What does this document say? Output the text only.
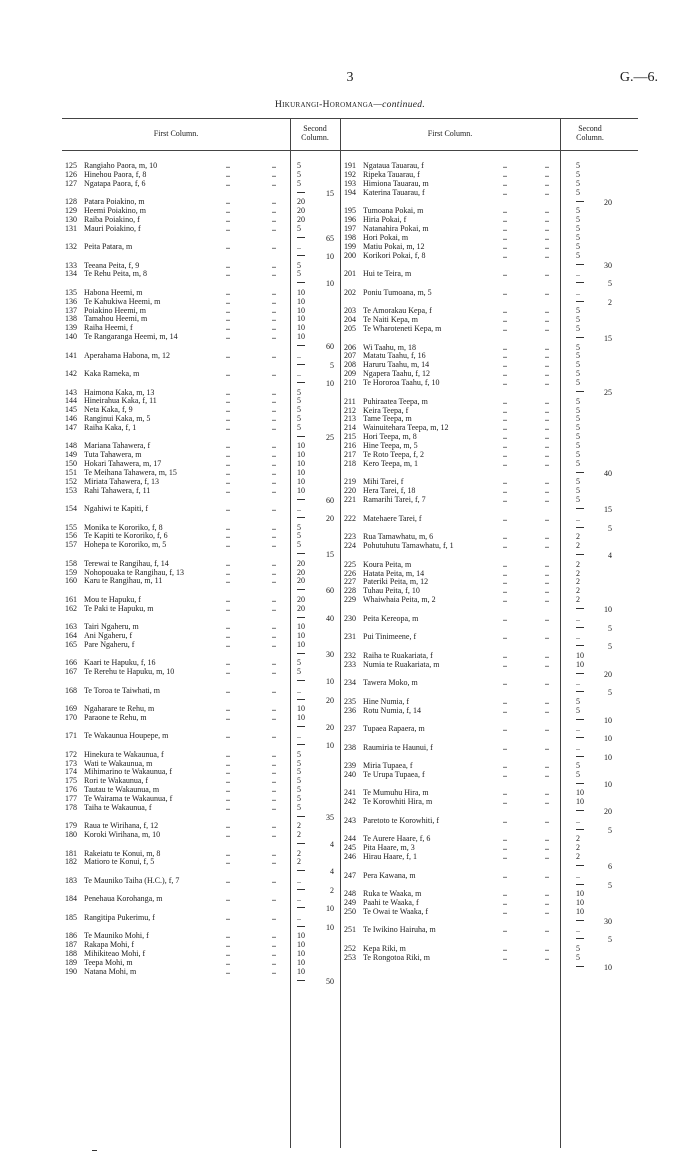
3	G.—6.
Hikurangi-Horomanga—continued.
First Column.
Second
Column.	First Column.
Second
Column.
125 Rangiaho Paora, m, 10	..	..	5
126 Hinehou Paora, f, 8	..	..	5
127 Ngatapa Paora, f, 6	..	..	5
15
128 Patara Poiakino, m	..	..	20
129 Heemi Poiakino, m	..	..	20
130 Raiba Poiakino, f	..	..	20
131 Mauri Poiakino, f	..	..	5
65
132 Peita Patara, m	..	..	..
10
133 Teeana Peita, f, 9	..	..	5
134 Te Rehu Peita, m, 8	..	..	5
10
135 Habona Heemi, m	..	..	10
136 Te Kahukiwa Heemi, m	..	..	10
137 Poiakino Heemi, m	..	..	10
138 Tamahou Heemi, m	..	..	10
139 Raiha Heemi, f	..	..	10
140 Te Rangaranga Heemi, m, 14	..	..	10
60
141 Aperahama Habona, m, 12	..	..	..
5
142 Kaka Rameka, m	..	..	..
10
143 Haimona Kaka, m, 13	..	..	5
144 Hineirahua Kaka, f, 11	..	..	5
145 Neta Kaka, f, 9	..	..	5
146 Ranginui Kaka, m, 5	..	..	5
147 Raiha Kaka, f, 1	..	..	5
25
148 Mariana Tahawera, f	..	..	10
149 Tuta Tahawera, m	..	..	10
150 Hokari Tahawera, m, 17	..	..	10
151 Te Meihana Tahawera, m, 15	..	..	10
152 Miriata Tahawera, f, 13	..	..	10
153 Rahi Tahawera, f, 11	..	..	10
60
154 Ngahiwi te Kapiti, f	..	..	..
20
155 Monika te Kororiko, f, 8	..	..	5
156 Te Kapiti te Kororiko, f, 6	..	..	5
157 Hohepa te Kororiko, m, 5	..	..	5
15
158 Terewai te Rangihau, f, 14	..	..	20
159 Nohopouaka te Rangihau, f, 13	..	..	20
160 Karu te Rangihau, m, 11	..	..	20
60
161 Mou te Hapuku, f	..	..	20
162 Te Paki te Hapuku, m	..	..	20
40
163 Tairi Ngaheru, m	..	..	10
164 Ani Ngaheru, f	..	..	10
165 Pare Ngaheru, f	..	..	10
30
166 Kaari te Hapuku, f, 16	..	..	5
167 Te Rerehu te Hapuku, m, 10	..	..	5
10
168 Te Toroa te Taiwhati, m	..	..	..
20
169 Ngaharare te Rehu, m	..	..	10
170 Paraone te Rehu, m	..	..	10
20
171 Te Wakaunua Houpepe, m	..	..	..
10
172 Hinekura te Wakaunua, f	..	..	5
173 Wati te Wakaunua, m	..	..	5
174 Mihimarino te Wakaunua, f	..	..	5
175 Rori te Wakaunua, f	..	..	5
176 Tautau te Wakaunua, m	..	..	5
177 Te Wairama te Wakaunua, f	..	..	5
178 Taiha te Wakaunua, f	..	..	5
35
179 Raua te Wirihana, f, 12	..	..	2
180 Koroki Wirihana, m, 10	..	..	2
4
181 Rakeiatu te Konui, m, 8	..	..	2
182 Matioro te Konui, f, 5	..	..	2
4
183 Te Mauniko Taiha (H.C.), f, 7	..	..	..
2
184 Penehaua Korohanga, m	..	..	..
10
185 Rangitipa Pukerimu, f	..	..	..
10
186 Te Mauniko Mohi, f	..	..	10
187 Rakapa Mohi, f	..	..	10
188 Mihikiteao Mohi, f	..	..	10
189 Teepa Mohi, m	..	..	10
190 Natana Mohi, m	..	..	10
50
191 Ngataua Tauarau, f	..	..	5
192 Ripeka Tauarau, f	..	..	5
193 Himiona Tauarau, m	..	..	5
194 Katerina Tauarau, f	..	..	5
20
195 Tumoana Pokai, m	..	..	5
196 Hiria Pokai, f	..	..	5
197 Natanahira Pokai, m	..	..	5
198 Hori Pokai, m	..	..	5
199 Matiu Pokai, m, 12	..	..	5
200 Korikori Pokai, f, 8	..	..	5
30
201 Hui te Teira, m	..	..	..
5
202 Poniu Tumoana, m, 5	..	..	..
2
203 Te Amorakau Kepa, f	..	..	5
204 Te Naiti Kepa, m	..	..	5
205 Te Wharoteneti Kepa, m	..	..	5
15
206 Wi Taahu, m, 18	..	..	5
207 Matatu Taahu, f, 16	..	..	5
208 Haruru Taahu, m, 14	..	..	5
209 Ngapera Taahu, f, 12	..	..	5
210 Te Hororoa Taahu, f, 10	..	..	5
25
211 Puhiraatea Teepa, m	..	..	5
212 Keira Teepa, f	..	..	5
213 Tame Teepa, m	..	..	5
214 Wainuitehara Teepa, m, 12	..	..	5
215 Hori Teepa, m, 8	..	..	5
216 Hine Teepa, m, 5	..	..	5
217 Te Roto Teepa, f, 2	..	..	5
218 Kero Teepa, m, 1	..	..	5
40
219 Mihi Tarei, f	..	..	5
220 Hera Tarei, f, 18	..	..	5
221 Ramarihi Tarei, f, 7	..	..	5
15
222 Matehaere Tarei, f	..	..	..
5
223 Rua Tamawhatu, m, 6	..	..	2
224 Pohutuhutu Tamawhatu, f, 1	..	..	2
4
225 Koura Peita, m	..	..	2
226 Hatata Peita, m, 14	..	..	2
227 Pateriki Peita, m, 12	..	..	2
228 Tuhau Peita, f, 10	..	..	2
229 Whaiwhaia Peita, m, 2	..	..	2
10
230 Peita Kereopa, m	..	..	..
5
231 Pui Tinimeene, f	..	..	..
5
232 Raiha te Ruakariata, f	..	..	10
233 Numia te Ruakariata, m	..	..	10
20
234 Tawera Moko, m	..	..	..
5
235 Hine Numia, f	..	..	5
236 Rotu Numia, f, 14	..	..	5
10
237 Tupaea Rapaera, m	..	..	..
10
238 Raumiria te Haunui, f	..	..	..
10
239 Miria Tupaea, f	..	..	5
240 Te Urupa Tupaea, f	..	..	5
10
241 Te Mumuhu Hira, m	..	..	10
242 Te Korowhiti Hira, m	..	..	10
20
243 Paretoto te Korowhiti, f	..	..	..
5
244 Te Aurere Haare, f, 6	..	..	2
245 Pita Haare, m, 3	..	..	2
246 Hirau Haare, f, 1	..	..	2
6
247 Pera Kawana, m	..	..	..
5
248 Ruka te Waaka, m	..	..	10
249 Paahi te Waaka, f	..	..	10
250 Te Owai te Waaka, f	..	..	10
30
251 Te Iwikino Hairuha, m	..	..	..
5
252 Kepa Riki, m	..	..	5
253 Te Rongotoa Riki, m	..	..	5
10
